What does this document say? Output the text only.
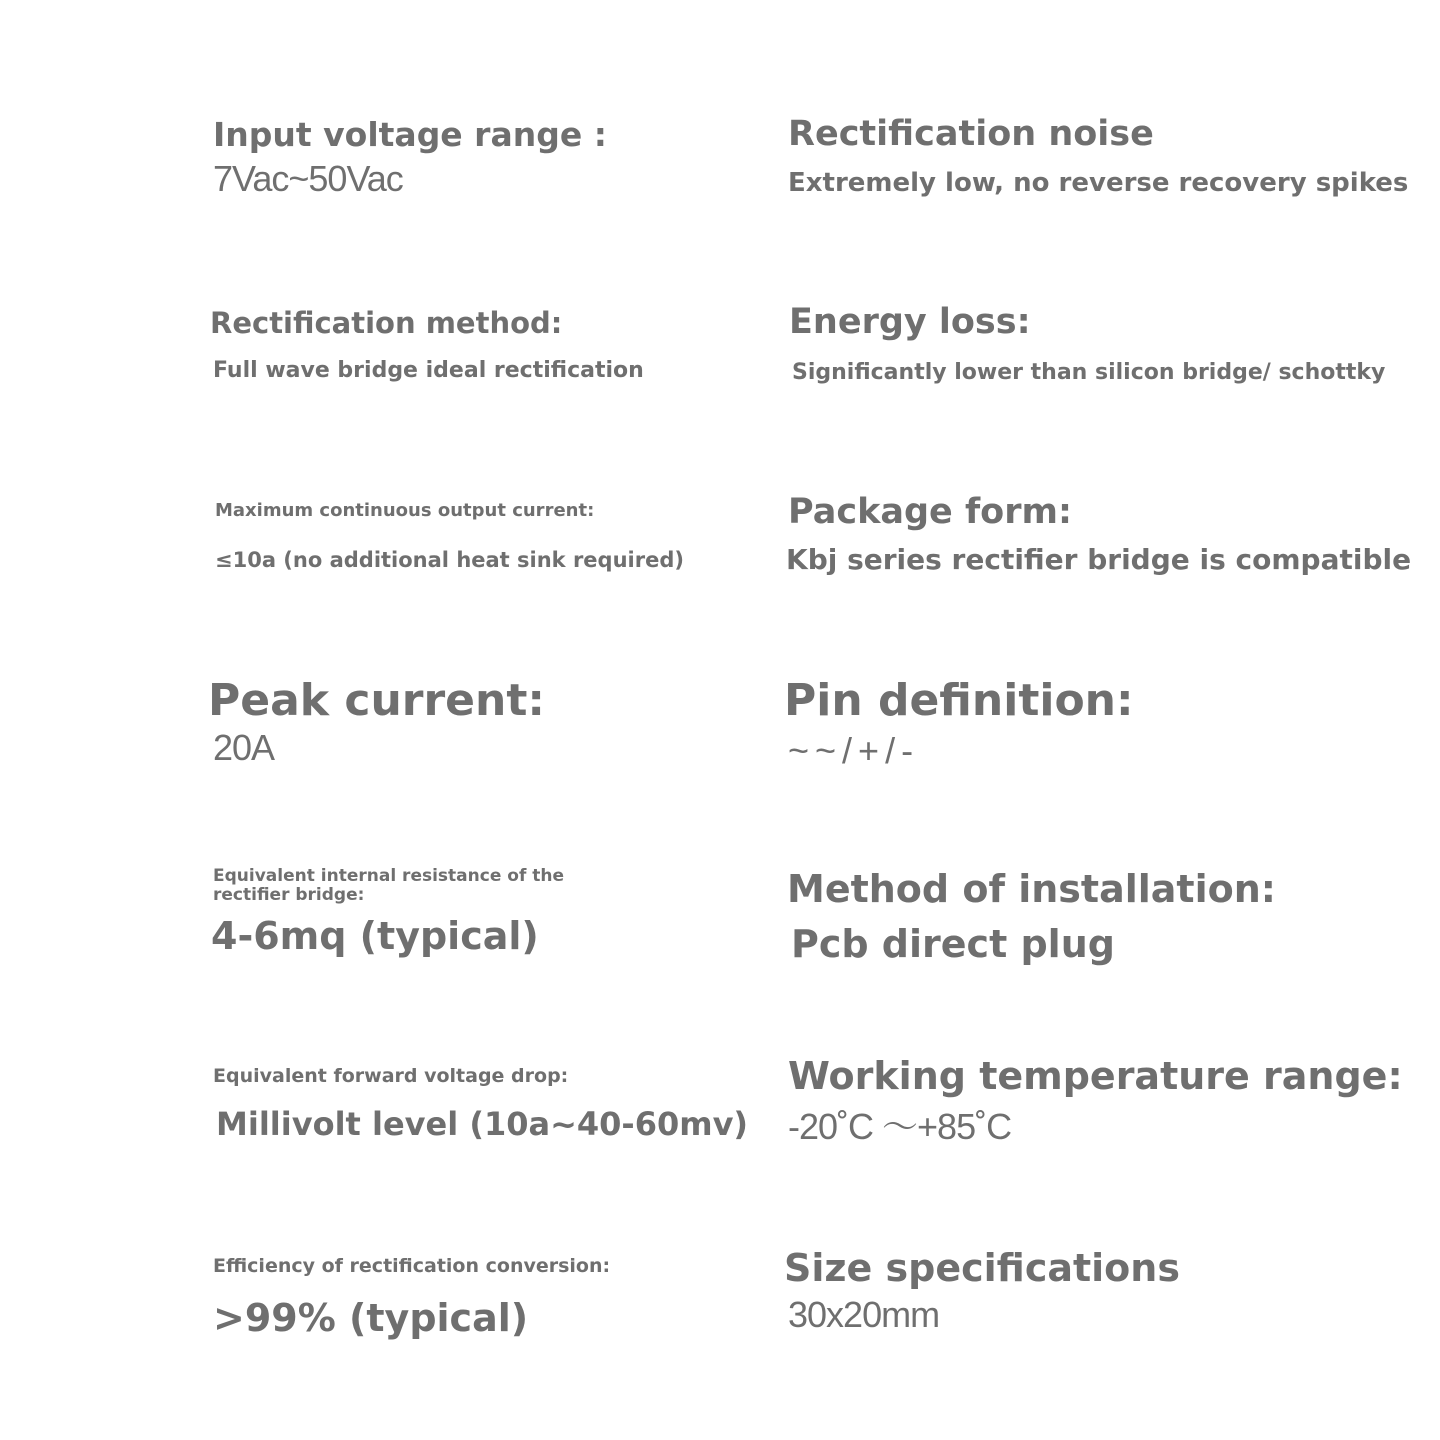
Input voltage range :
7Vac~50Vac
Rectification noise
Extremely low, no reverse recovery spikes
Rectification method:
Full wave bridge ideal rectification
Energy loss:
Significantly lower than silicon bridge/ schottky
Maximum continuous output current:
≤10a (no additional heat sink required)
Package form:
Kbj series rectifier bridge is compatible
Peak current:
20A
Pin definition:
~~/+/-
Equivalent internal resistance of the
rectifier bridge:
4-6mq (typical)
Method of installation:
Pcb direct plug
Equivalent forward voltage drop:
Millivolt level (10a~40-60mv)
Working temperature range:
-20˚C ～+85˚C
Efficiency of rectification conversion:
>99% (typical)
Size specifications
30x20mm
